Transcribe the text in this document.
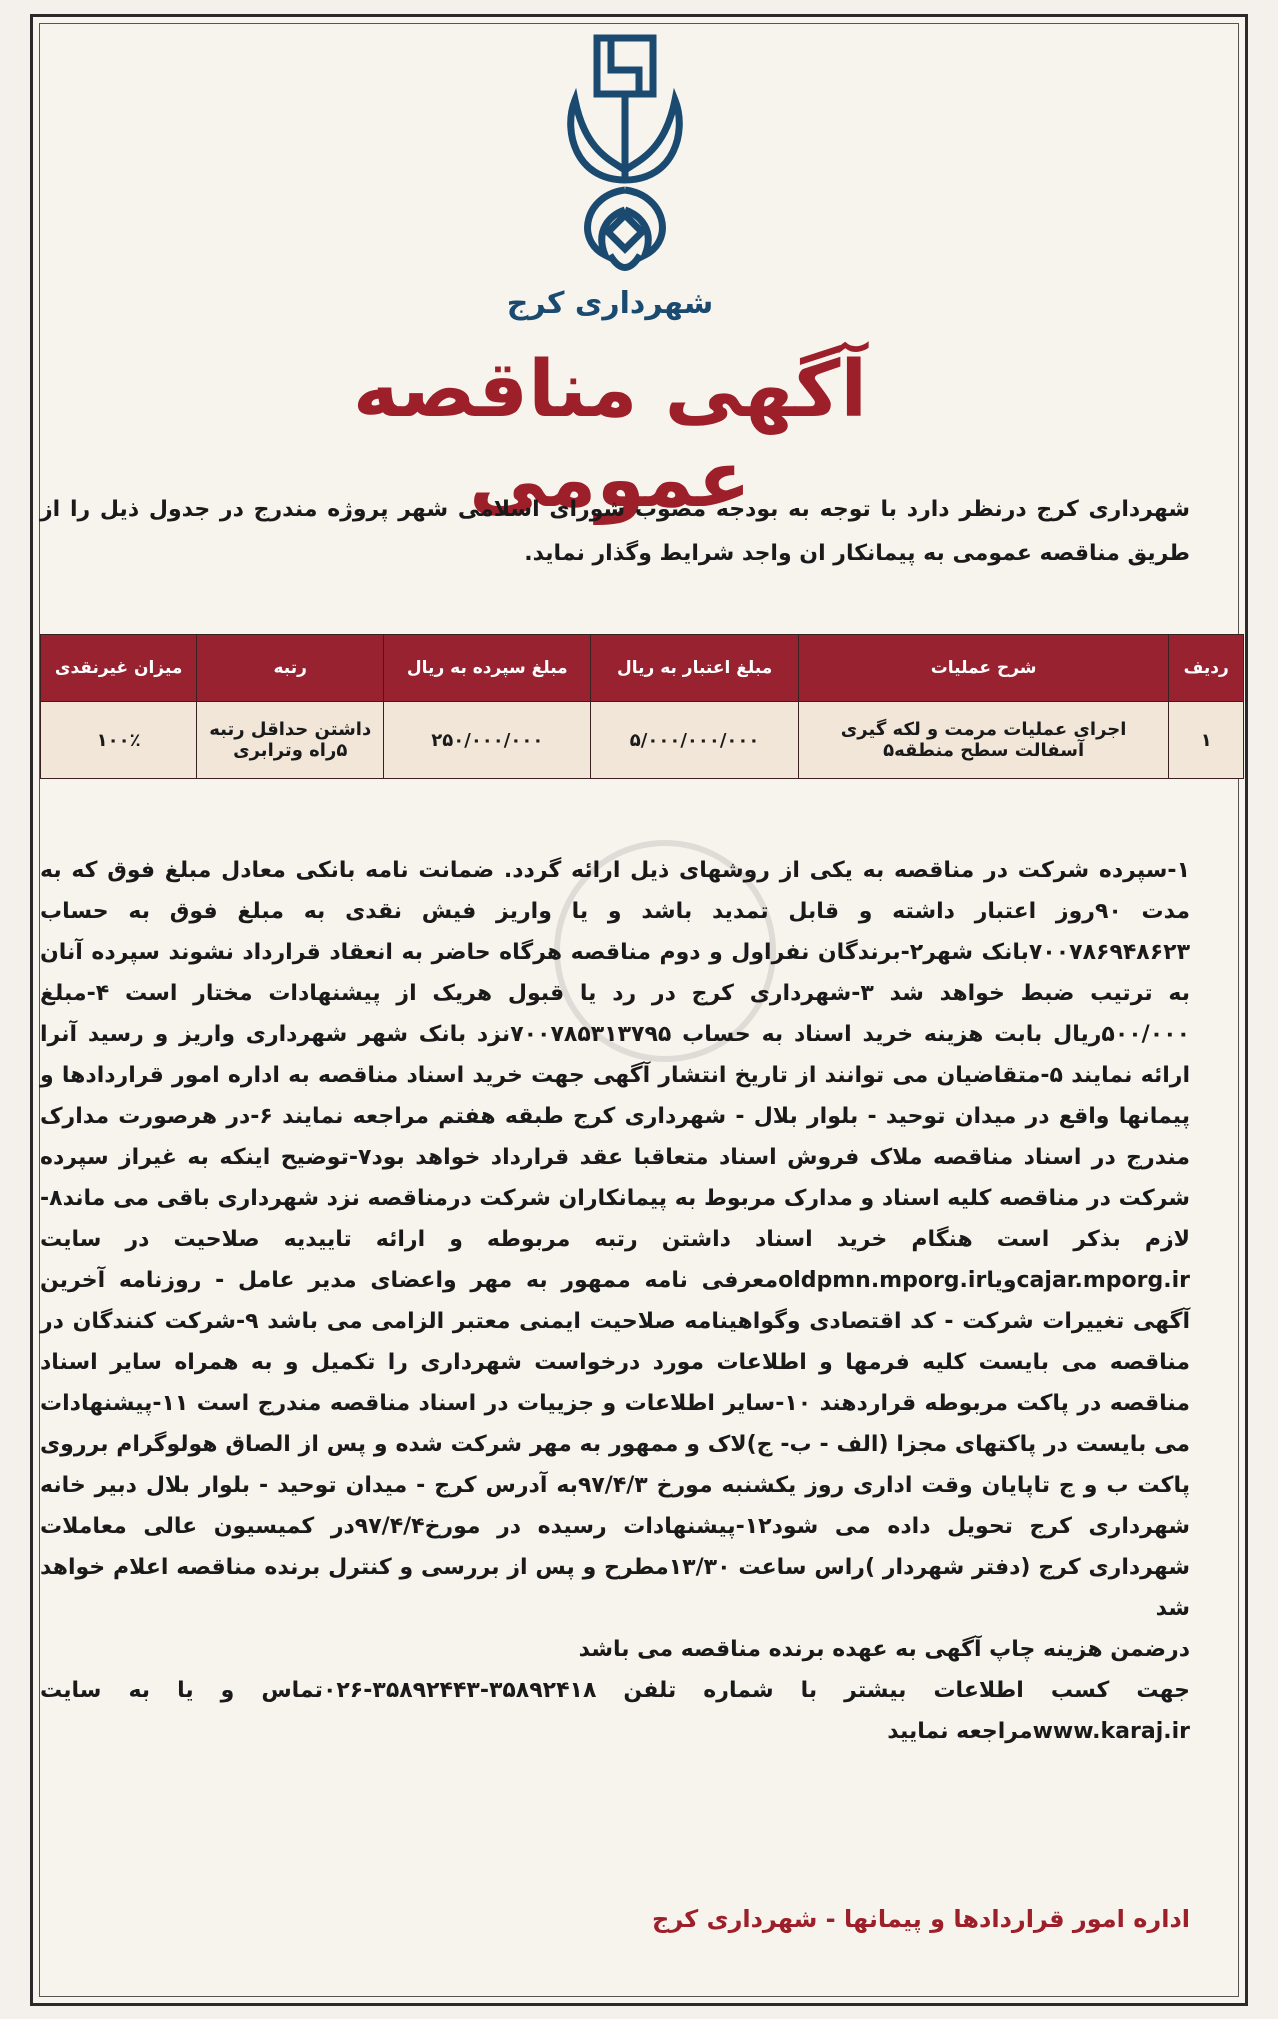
شهرداری کرج
آگهی مناقصه عمومی
شهرداری کرج درنظر دارد با توجه به بودجه مصوب شورای اسلامی شهر پروژه مندرج در جدول ذیل را از طریق مناقصه عمومی به پیمانکار ان واجد شرایط وگذار نماید.
ردیف	شرح عملیات	مبلغ اعتبار به ریال	مبلغ سپرده به ریال	رتبه	میزان غیرنقدی
۱	اجرای عملیات مرمت و لکه گیری آسفالت سطح منطقه۵	۵/۰۰۰/۰۰۰/۰۰۰	۲۵۰/۰۰۰/۰۰۰	داشتن حداقل رتبه ۵راه وترابری	۱۰۰٪

۱-سپرده شرکت در مناقصه به یکی از روشهای ذیل ارائه گردد. ضمانت نامه بانکی معادل مبلغ فوق که به مدت ۹۰روز اعتبار داشته و قابل تمدید باشد و یا واریز فیش نقدی به مبلغ فوق به حساب ۷۰۰۷۸۶۹۴۸۶۲۳بانک شهر۲-برندگان نفراول و دوم مناقصه هرگاه حاضر به انعقاد قرارداد نشوند سپرده آنان به ترتیب ضبط خواهد شد ۳-شهرداری کرج در رد یا قبول هریک از پیشنهادات مختار است ۴-مبلغ ۵۰۰/۰۰۰ریال بابت هزینه خرید اسناد به حساب ۷۰۰۷۸۵۳۱۳۷۹۵نزد بانک شهر شهرداری واریز و رسید آنرا ارائه نمایند ۵-متقاضیان می توانند از تاریخ انتشار آگهی جهت خرید اسناد مناقصه به اداره امور قراردادها و پیمانها واقع در میدان توحید - بلوار بلال - شهرداری کرج طبقه هفتم مراجعه نمایند ۶-در هرصورت مدارک مندرج در اسناد مناقصه ملاک فروش اسناد متعاقبا عقد قرارداد خواهد بود۷-توضیح اینکه به غیراز سپرده شرکت در مناقصه کلیه اسناد و مدارک مربوط به پیمانکاران شرکت درمناقصه نزد شهرداری باقی می ماند۸-لازم بذکر است هنگام خرید اسناد داشتن رتبه مربوطه و ارائه تاییدیه صلاحیت در سایت cajar.mporg.irویاoldpmn.mporg.irمعرفی نامه ممهور به مهر واعضای مدیر عامل - روزنامه آخرین آگهی تغییرات شرکت - کد اقتصادی وگواهینامه صلاحیت ایمنی معتبر الزامی می باشد ۹-شرکت کنندگان در مناقصه می بایست کلیه فرمها و اطلاعات مورد درخواست شهرداری را تکمیل و به همراه سایر اسناد مناقصه در پاکت مربوطه قراردهند ۱۰-سایر اطلاعات و جزییات در اسناد مناقصه مندرج است ۱۱-پیشنهادات می بایست در پاکتهای مجزا (الف - ب- ج)لاک و ممهور به مهر شرکت شده و پس از الصاق هولوگرام برروی پاکت ب و ج تاپایان وقت اداری روز یکشنبه مورخ ۹۷/۴/۳به آدرس کرج - میدان توحید - بلوار بلال دبیر خانه شهرداری کرج تحویل داده می شود۱۲-پیشنهادات رسیده در مورخ۹۷/۴/۴در کمیسیون عالی معاملات شهرداری کرج (دفتر شهردار )راس ساعت ۱۳/۳۰مطرح و پس از بررسی و کنترل برنده مناقصه اعلام خواهد شد

درضمن هزینه چاپ آگهی به عهده برنده مناقصه می باشد

جهت کسب اطلاعات بیشتر با شماره تلفن ۳۵۸۹۲۴۱۸-۳۵۸۹۲۴۴۳-۰۲۶تماس و یا به سایت www.karaj.irمراجعه نمایید

اداره امور قراردادها و پیمانها - شهرداری کرج
